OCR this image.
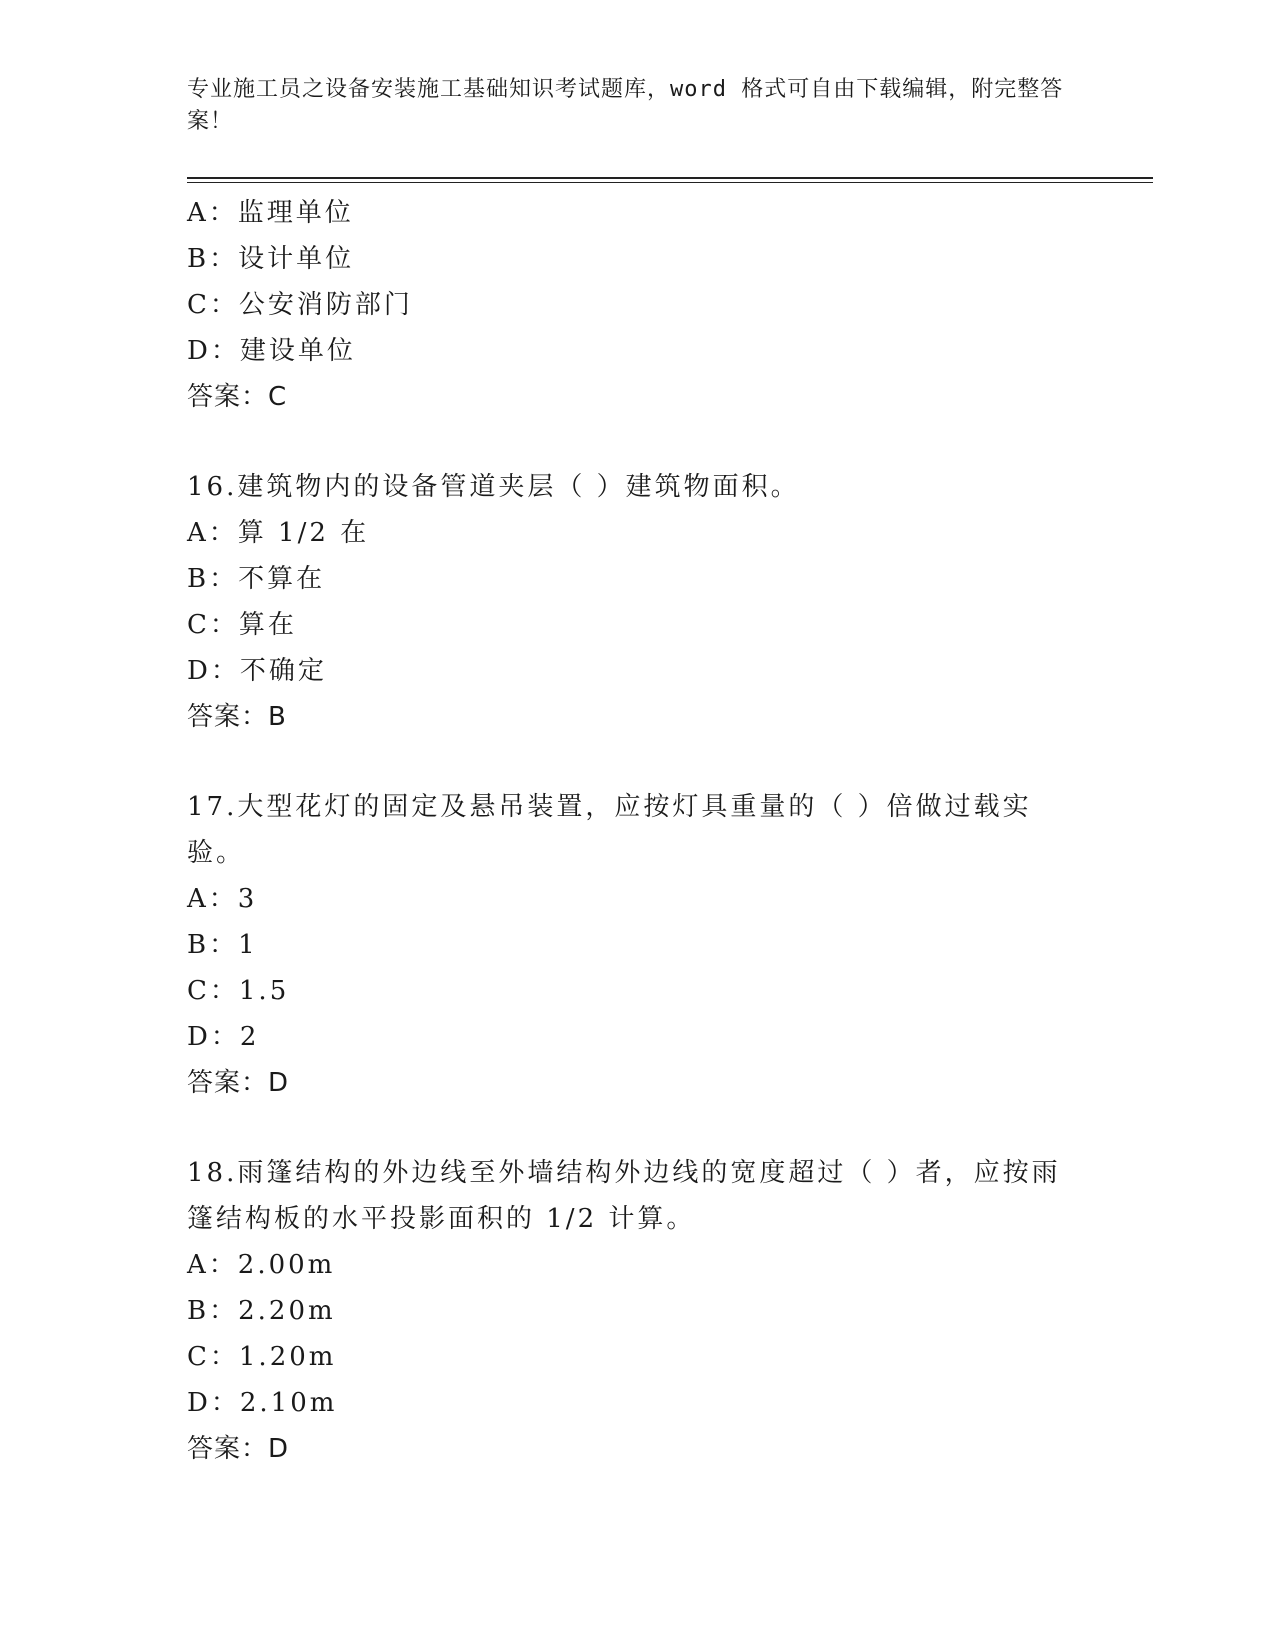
专业施工员之设备安装施工基础知识考试题库，word 格式可自由下载编辑，附完整答案！
A：监理单位
B：设计单位
C：公安消防部门
D：建设单位
答案：C
16.建筑物内的设备管道夹层（ ）建筑物面积。
A：算 1/2 在
B：不算在
C：算在
D：不确定
答案：B
17.大型花灯的固定及悬吊装置，应按灯具重量的（ ）倍做过载实验。
A：3
B：1
C：1.5
D：2
答案：D
18.雨篷结构的外边线至外墙结构外边线的宽度超过（ ）者，应按雨篷结构板的水平投影面积的 1/2 计算。
A：2.00m
B：2.20m
C：1.20m
D：2.10m
答案：D
